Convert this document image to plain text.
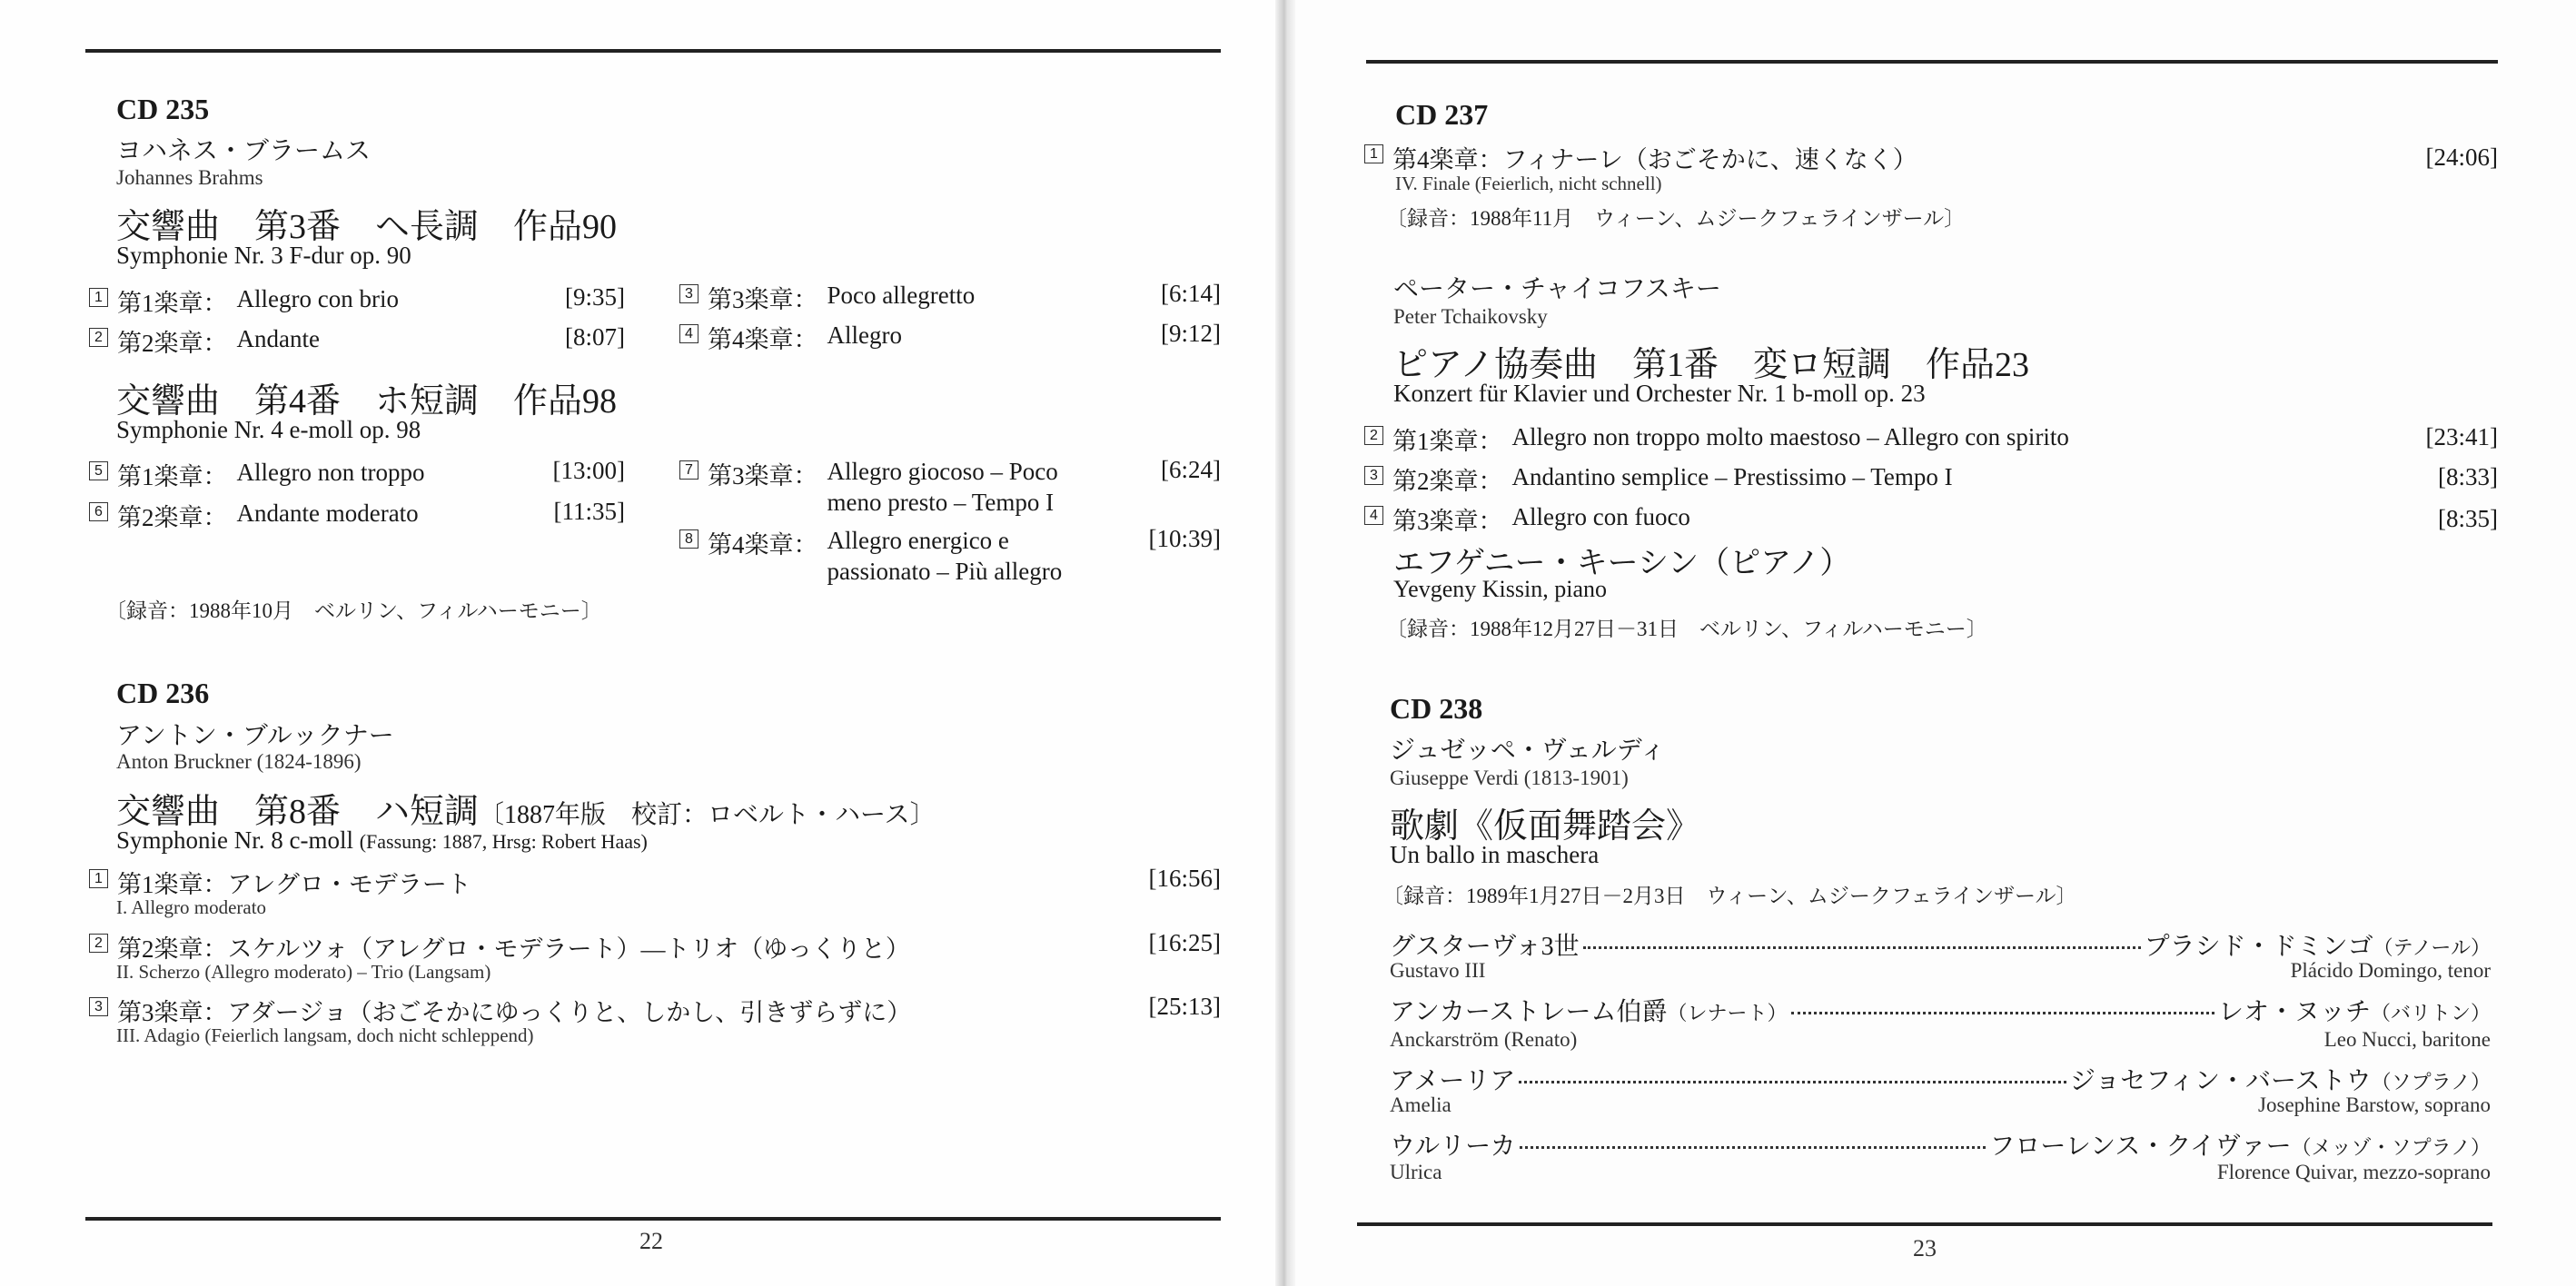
CD 235
ヨハネス・ブラームス
Johannes Brahms
交響曲　第3番　ヘ長調　作品90
Symphonie Nr. 3 F-dur op. 90
1 第1楽章： Allegro con brio	[9:35]
2 第2楽章： Andante	[8:07]
3 第3楽章： Poco allegretto	[6:14]
4 第4楽章： Allegro	[9:12]
交響曲　第4番　ホ短調　作品98
Symphonie Nr. 4 e-moll op. 98
5 第1楽章： Allegro non troppo	[13:00]
6 第2楽章： Andante moderato	[11:35]
7 第3楽章： Allegro giocoso – Poco
meno presto – Tempo I
[6:24]
8 第4楽章： Allegro energico e
passionato – Più allegro
[10:39]
〔録音：1988年10月　ベルリン、フィルハーモニー〕
CD 236
アントン・ブルックナー
Anton Bruckner (1824-1896)
交響曲　第8番　ハ短調〔1887年版　校訂：ロベルト・ハース〕
Symphonie Nr. 8 c-moll (Fassung: 1887, Hrsg: Robert Haas)
1 第1楽章：アレグロ・モデラート
I. Allegro moderato
[16:56]
2 第2楽章：スケルツォ（アレグロ・モデラート）―トリオ（ゆっくりと）
II. Scherzo (Allegro moderato) – Trio (Langsam)
[16:25]
3 第3楽章：アダージョ（おごそかにゆっくりと、しかし、引きずらずに）
III. Adagio (Feierlich langsam, doch nicht schleppend)
[25:13]
22
CD 237
1 第4楽章：フィナーレ（おごそかに、速くなく）
IV. Finale (Feierlich, nicht schnell)
[24:06]
〔録音：1988年11月　ウィーン、ムジークフェラインザール〕
ペーター・チャイコフスキー
Peter Tchaikovsky
ピアノ協奏曲　第1番　変ロ短調　作品23
Konzert für Klavier und Orchester Nr. 1 b-moll op. 23
2 第1楽章： Allegro non troppo molto maestoso – Allegro con spirito	[23:41]
3 第2楽章： Andantino semplice – Prestissimo – Tempo I	[8:33]
4 第3楽章： Allegro con fuoco	[8:35]
エフゲニー・キーシン（ピアノ）
Yevgeny Kissin, piano
〔録音：1988年12月27日－31日　ベルリン、フィルハーモニー〕
CD 238
ジュゼッペ・ヴェルディ
Giuseppe Verdi (1813-1901)
歌劇《仮面舞踏会》
Un ballo in maschera
〔録音：1989年1月27日－2月3日　ウィーン、ムジークフェラインザール〕
グスターヴォ3世	プラシド・ドミンゴ （テノール）
Gustavo III	Plácido Domingo, tenor
アンカーストレーム伯爵 （レナート）	レオ・ヌッチ （バリトン）
Anckarström (Renato)	Leo Nucci, baritone
アメーリア	ジョセフィン・バーストウ （ソプラノ）
Amelia	Josephine Barstow, soprano
ウルリーカ	フローレンス・クイヴァー （メッゾ・ソプラノ）
Ulrica	Florence Quivar, mezzo-soprano
23
